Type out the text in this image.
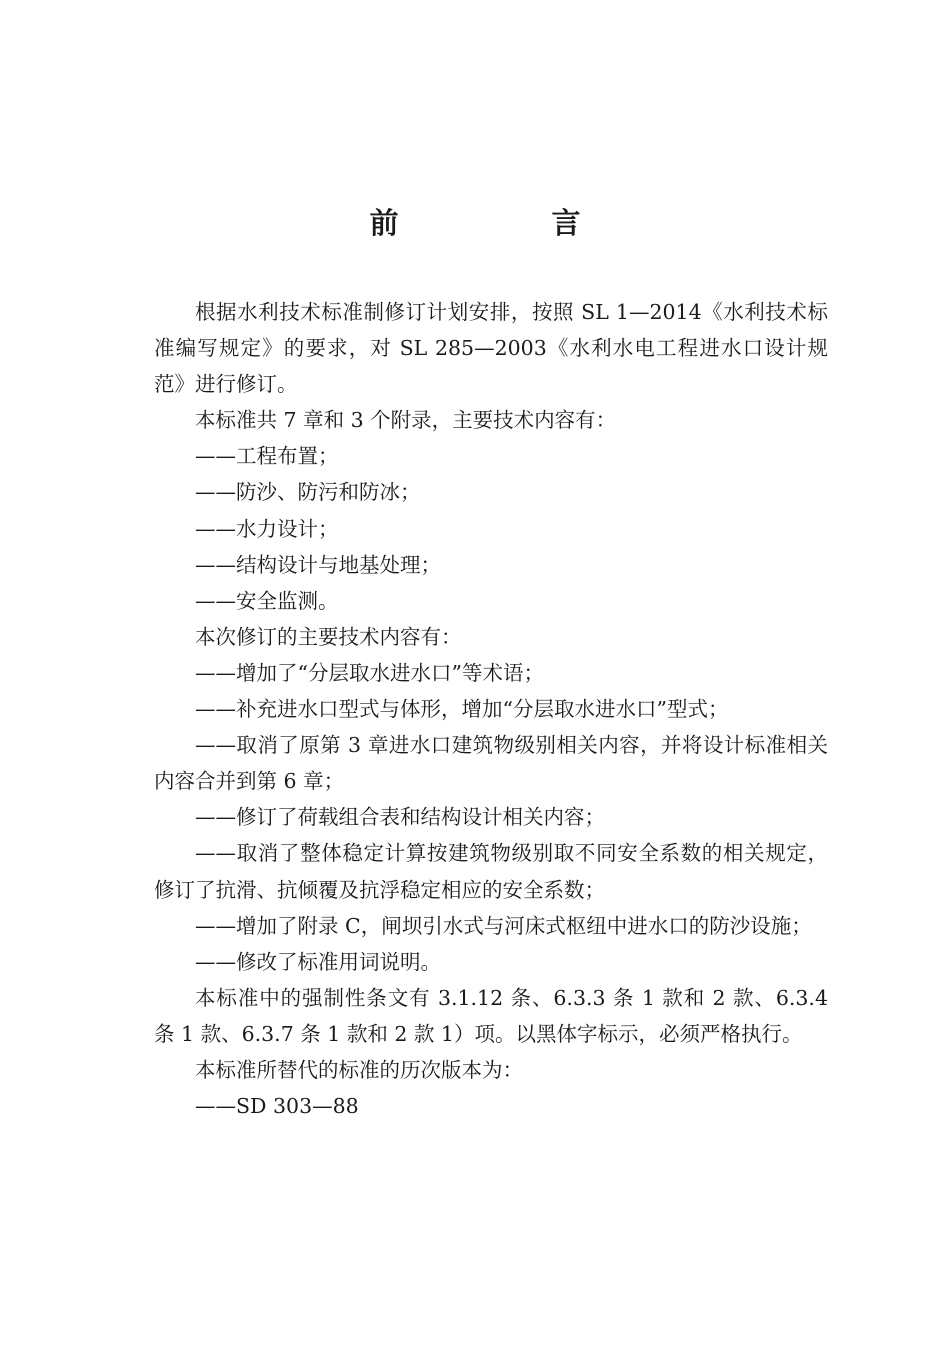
前　言

根据水利技术标准制修订计划安排，按照 SL 1—2014《水利技术标准编写规定》的要求，对 SL 285—2003《水利水电工程进水口设计规范》进行修订。

本标准共 7 章和 3 个附录，主要技术内容有：

——工程布置；

——防沙、防污和防冰；

——水力设计；

——结构设计与地基处理；

——安全监测。

本次修订的主要技术内容有：

——增加了“分层取水进水口”等术语；

——补充进水口型式与体形，增加“分层取水进水口”型式；

——取消了原第 3 章进水口建筑物级别相关内容，并将设计标准相关内容合并到第 6 章；

——修订了荷载组合表和结构设计相关内容；

——取消了整体稳定计算按建筑物级别取不同安全系数的相关规定，修订了抗滑、抗倾覆及抗浮稳定相应的安全系数；

——增加了附录 C，闸坝引水式与河床式枢纽中进水口的防沙设施；

——修改了标准用词说明。

本标准中的强制性条文有 3.1.12 条、6.3.3 条 1 款和 2 款、6.3.4 条 1 款、6.3.7 条 1 款和 2 款 1）项。以黑体字标示，必须严格执行。

本标准所替代的标准的历次版本为：

——SD 303—88
